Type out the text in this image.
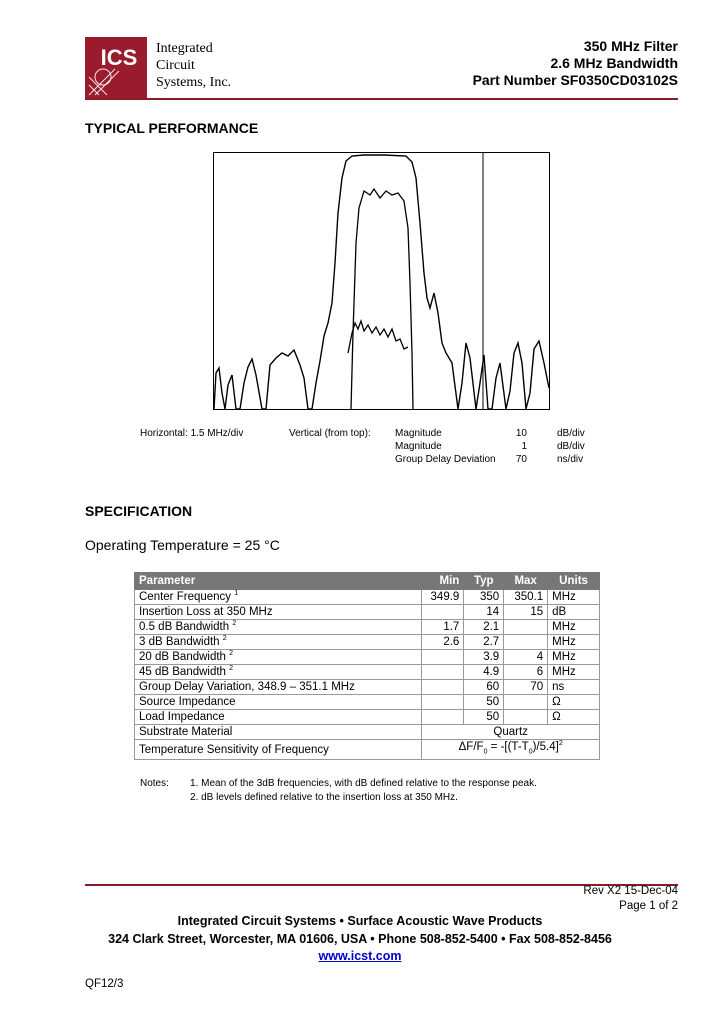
ICS Integrated
Circuit
Systems, Inc.
350 MHz Filter
2.6 MHz Bandwidth
Part Number SF0350CD03102S
TYPICAL PERFORMANCE
Horizontal: 1.5 MHz/div	Vertical (from top): Magnitude	10	dB/div
Magnitude	1	dB/div
Group Delay Deviation	70	ns/div
SPECIFICATION
Operating Temperature = 25 °C
Parameter	Min	Typ	Max	Units
Center Frequency $^1$	349.9	350	350.1	MHz
Insertion Loss at 350 MHz		14	15	dB
0.5 dB Bandwidth $^2$	1.7	2.1		MHz
3 dB Bandwidth $^2$	2.6	2.7		MHz
20 dB Bandwidth $^2$		3.9	4	MHz
45 dB Bandwidth $^2$		4.9	6	MHz
Group Delay Variation, 348.9 – 351.1 MHz		60	70	ns
Source Impedance		50		Ω
Load Impedance		50		Ω
Substrate Material	Quartz			
Temperature Sensitivity of Frequency	$\Delta F/F_0 = -[(T-T_0)/5.4]^2$
Notes:	1. Mean of the 3dB frequencies, with dB defined relative to the response peak.
2. dB levels defined relative to the insertion loss at 350 MHz.
Rev X2 15-Dec-04
Page 1 of 2
Integrated Circuit Systems • Surface Acoustic Wave Products
324 Clark Street, Worcester, MA 01606, USA • Phone 508-852-5400 • Fax 508-852-8456
www.icst.com
QF12/3
